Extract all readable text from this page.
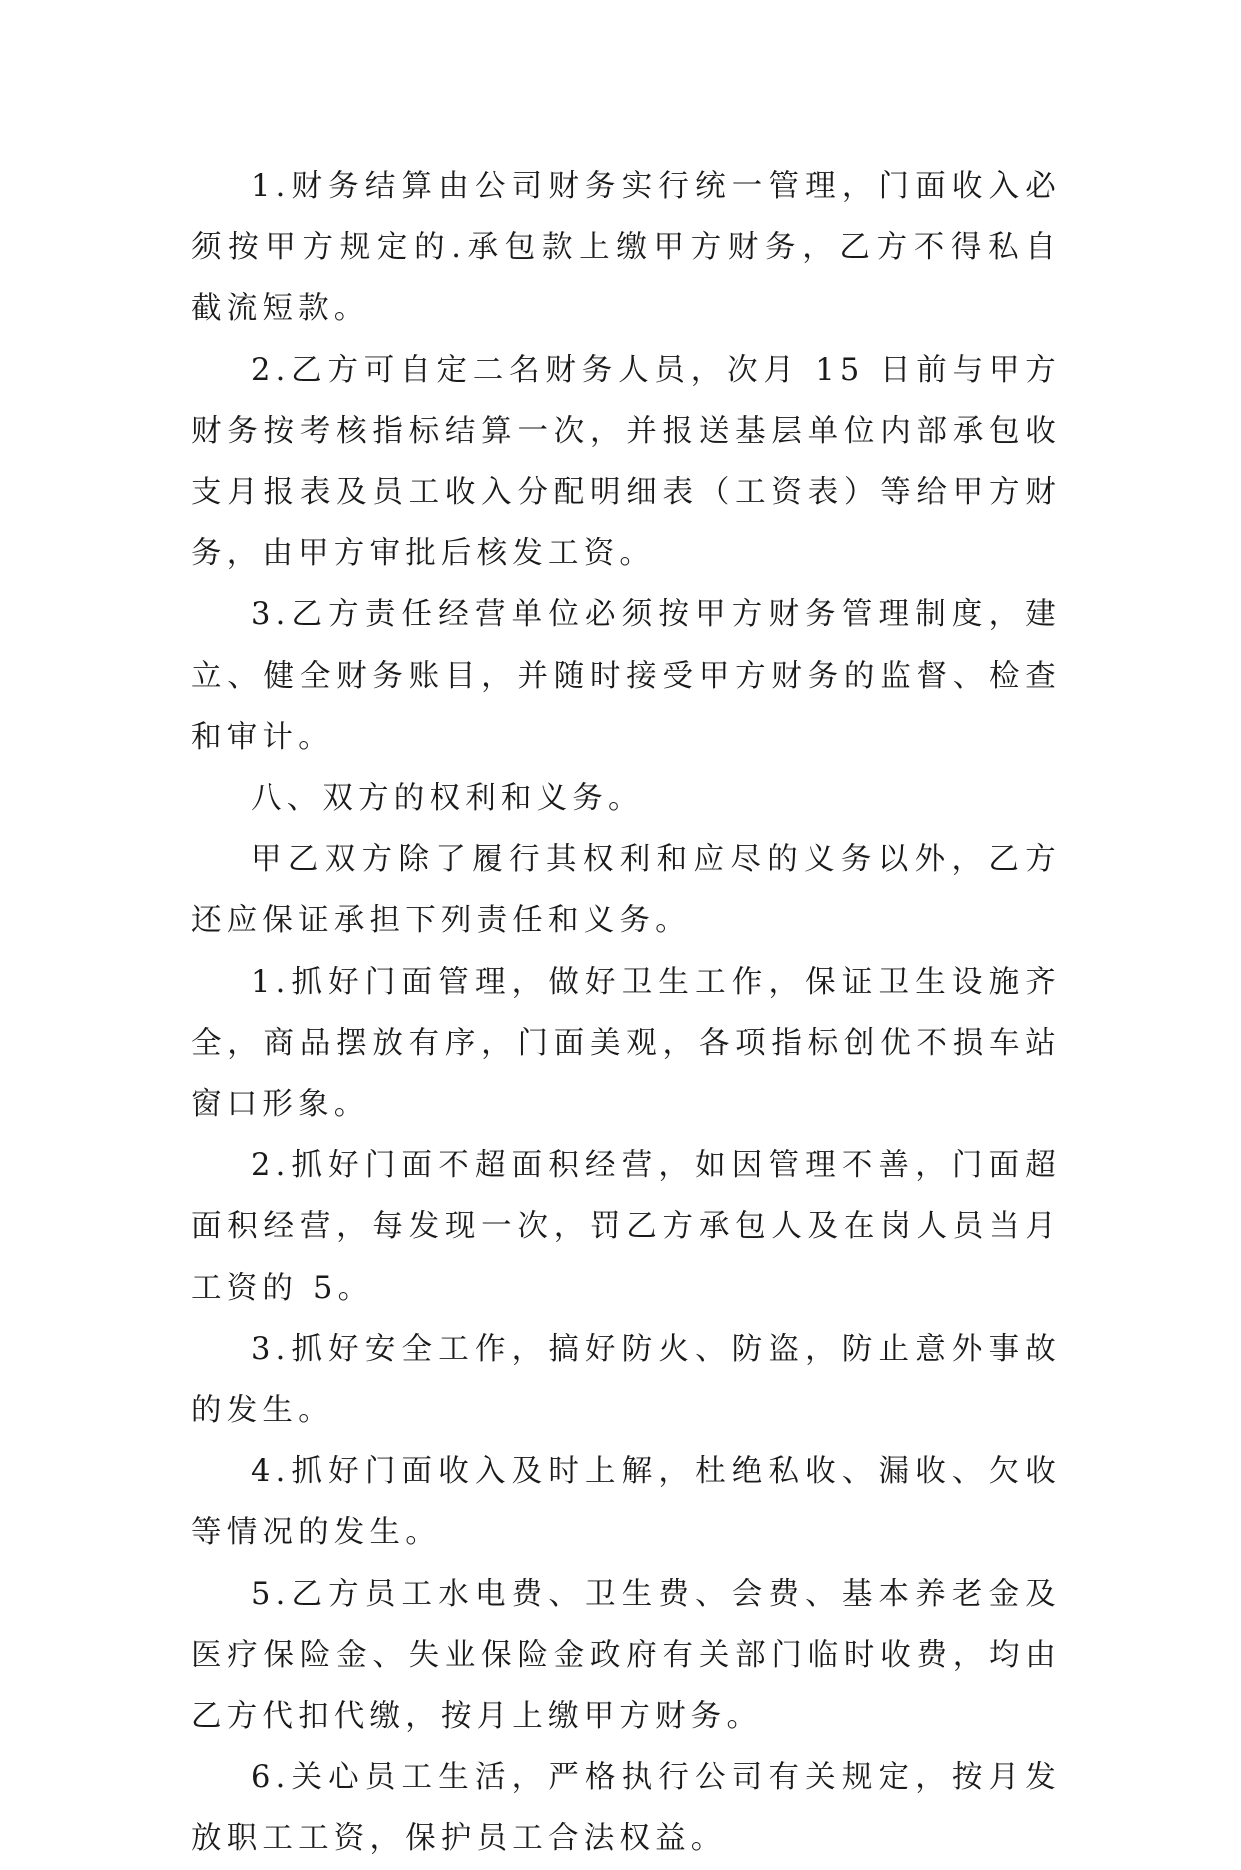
1.财务结算由公司财务实行统一管理，门面收入必须按甲方规定的.承包款上缴甲方财务，乙方不得私自截流短款。

2.乙方可自定二名财务人员，次月 15 日前与甲方财务按考核指标结算一次，并报送基层单位内部承包收支月报表及员工收入分配明细表（工资表）等给甲方财务，由甲方审批后核发工资。

3.乙方责任经营单位必须按甲方财务管理制度，建立、健全财务账目，并随时接受甲方财务的监督、检查和审计。

八、双方的权利和义务。

甲乙双方除了履行其权利和应尽的义务以外，乙方还应保证承担下列责任和义务。

1.抓好门面管理，做好卫生工作，保证卫生设施齐全，商品摆放有序，门面美观，各项指标创优不损车站窗口形象。

2.抓好门面不超面积经营，如因管理不善，门面超面积经营，每发现一次，罚乙方承包人及在岗人员当月工资的 5。

3.抓好安全工作，搞好防火、防盗，防止意外事故的发生。

4.抓好门面收入及时上解，杜绝私收、漏收、欠收等情况的发生。

5.乙方员工水电费、卫生费、会费、基本养老金及医疗保险金、失业保险金政府有关部门临时收费，均由乙方代扣代缴，按月上缴甲方财务。

6.关心员工生活，严格执行公司有关规定，按月发放职工工资，保护员工合法权益。
